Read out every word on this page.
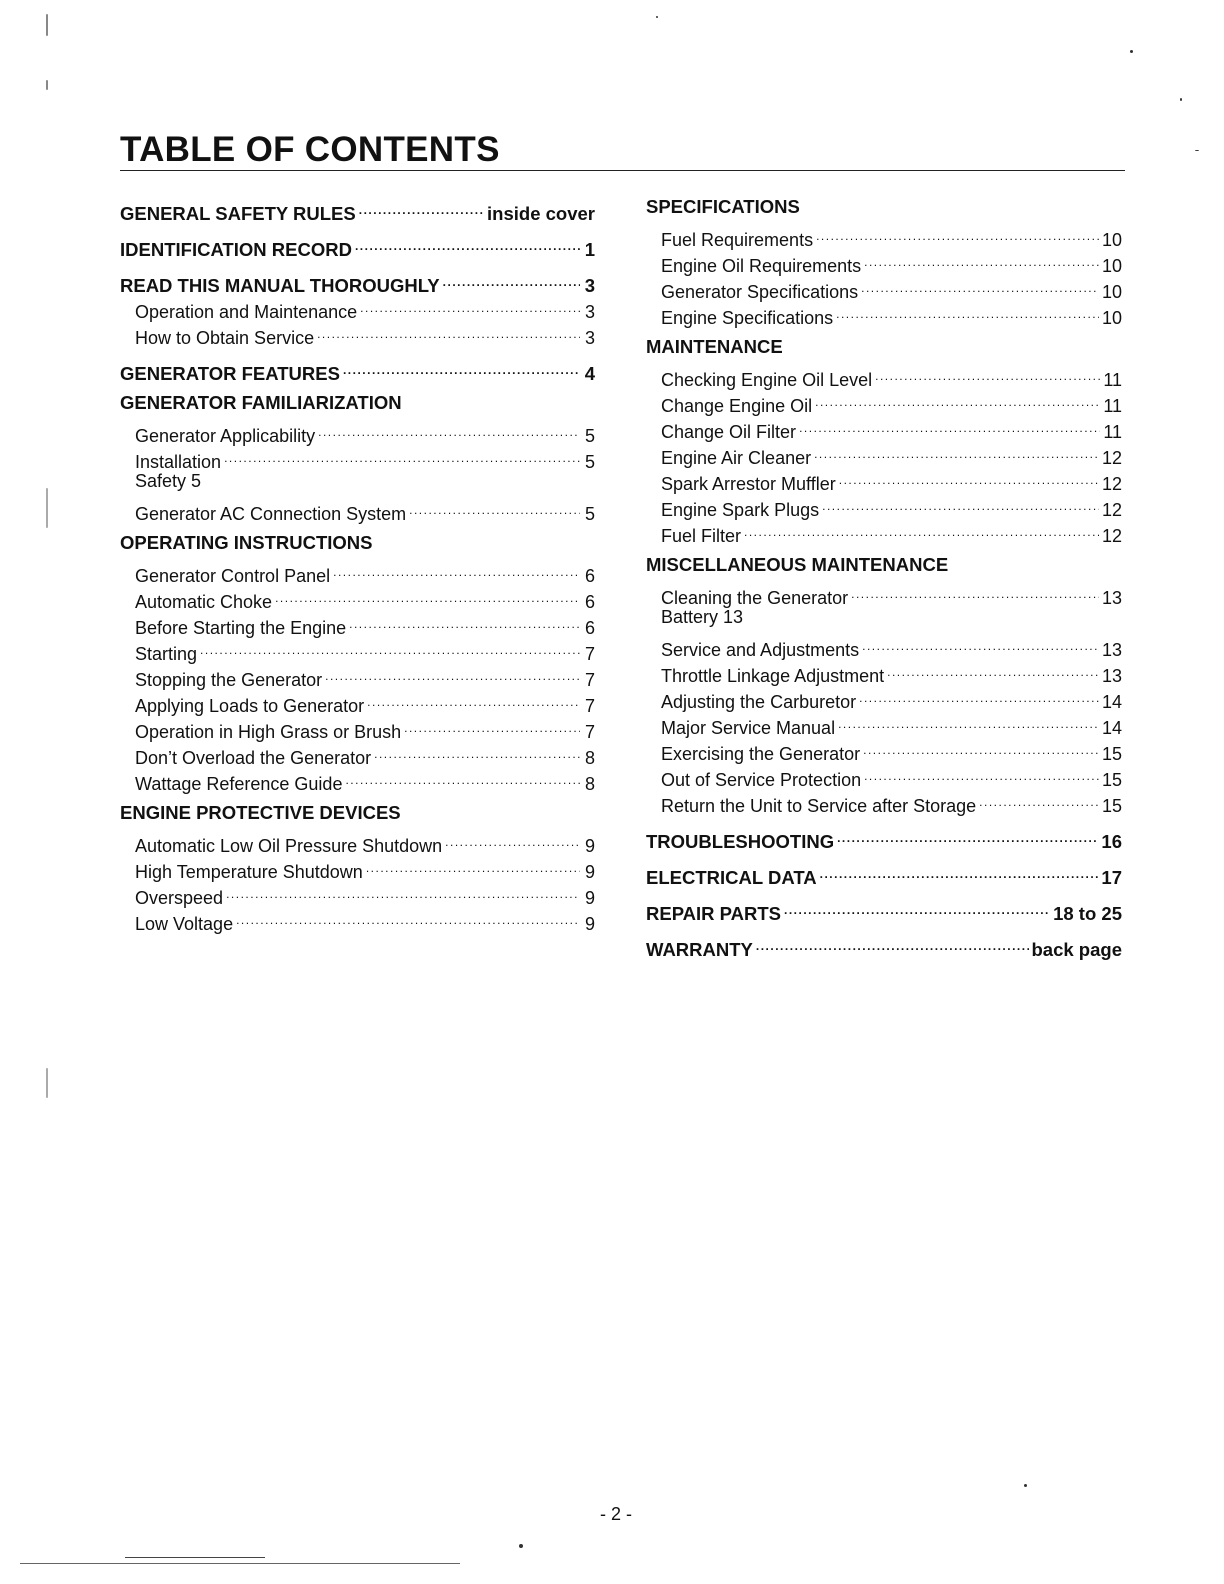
TABLE OF CONTENTS
GENERAL SAFETY RULES .....	inside cover
IDENTIFICATION RECORD .....	1
READ THIS MANUAL THOROUGHLY .....	3
Operation and Maintenance .....	3
How to Obtain Service .....	3
GENERATOR FEATURES .....	4
GENERATOR FAMILIARIZATION
Generator Applicability .....	5
Installation .....	5
Safety 5
Generator AC Connection System .....	5
OPERATING INSTRUCTIONS
Generator Control Panel .....	6
Automatic Choke .....	6
Before Starting the Engine .....	6
Starting .....	7
Stopping the Generator .....	7
Applying Loads to Generator .....	7
Operation in High Grass or Brush .....	7
Don’t Overload the Generator .....	8
Wattage Reference Guide .....	8
ENGINE PROTECTIVE DEVICES
Automatic Low Oil Pressure Shutdown .....	9
High Temperature Shutdown .....	9
Overspeed .....	9
Low Voltage .....	9
SPECIFICATIONS
Fuel Requirements .....	10
Engine Oil Requirements .....	10
Generator Specifications .....	10
Engine Specifications .....	10
MAINTENANCE
Checking Engine Oil Level .....	11
Change Engine Oil .....	11
Change Oil Filter .....	11
Engine Air Cleaner .....	12
Spark Arrestor Muffler .....	12
Engine Spark Plugs .....	12
Fuel Filter .....	12
MISCELLANEOUS MAINTENANCE
Cleaning the Generator .....	13
Battery 13
Service and Adjustments .....	13
Throttle Linkage Adjustment .....	13
Adjusting the Carburetor .....	14
Major Service Manual .....	14
Exercising the Generator .....	15
Out of Service Protection .....	15
Return the Unit to Service after Storage .....	15
TROUBLESHOOTING .....	16
ELECTRICAL DATA .....	17
REPAIR PARTS .....	18 to 25
WARRANTY .....	back page
- 2 -
